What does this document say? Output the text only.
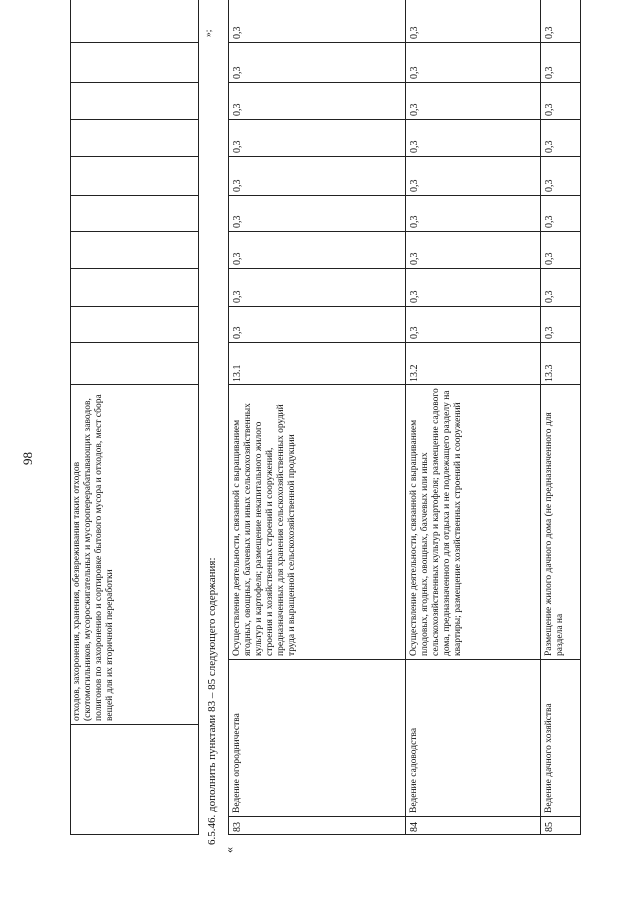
98
отходов, захоронения, хранения, обезвреживания таких отходов (скотомогильников, мусоросжигательных и мусороперерабатывающих заводов, полигонов по захоронению и сортировке бытового мусора и отходов, мест сбора вещей для их вторичной переработки
»;
6.5.46. дополнить пунктами 83 – 85 следующего содержания:
«
83
Ведение огородничества
Осуществление деятельности, связанной с выращиванием ягодных, овощных, бахчевых или иных сельскохозяйственных культур и картофеля; размещение некапитального жилого строения и хозяйственных строений и сооружений, предназначенных для хранения сельскохозяйственных орудий труда и выращенной сельскохозяйственной продукции
13.1
0,3
0,3
0,3
0,3
0,3
0,3
0,3
0,3
0,3
84
Ведение садоводства
Осуществление деятельности, связанной с выращиванием плодовых, ягодных, овощных, бахчевых или иных сельскохозяйственных культур и картофеля; размещение садового дома, предназначенного для отдыха и не подлежащего разделу на квартиры; размещение хозяйственных строений и сооружений
13.2
0,3
0,3
0,3
0,3
0,3
0,3
0,3
0,3
0,3
85
Ведение дачного хозяйства
Размещение жилого дачного дома (не предназначенного для раздела на
13.3
0,3
0,3
0,3
0,3
0,3
0,3
0,3
0,3
0,3
